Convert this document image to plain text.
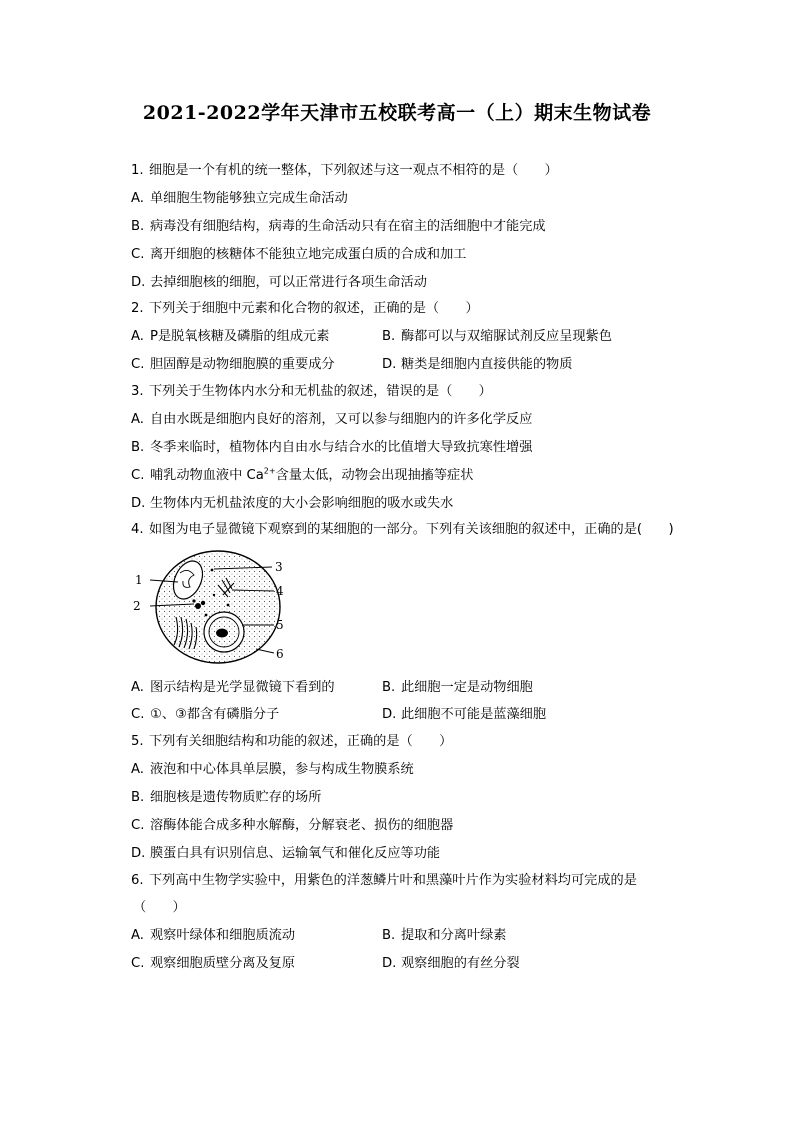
2021-2022学年天津市五校联考高一（上）期末生物试卷
1. 细胞是一个有机的统一整体，下列叙述与这一观点不相符的是（　　）
A. 单细胞生物能够独立完成生命活动
B. 病毒没有细胞结构，病毒的生命活动只有在宿主的活细胞中才能完成
C. 离开细胞的核糖体不能独立地完成蛋白质的合成和加工
D. 去掉细胞核的细胞，可以正常进行各项生命活动
2. 下列关于细胞中元素和化合物的叙述，正确的是（　　）
A. P是脱氧核糖及磷脂的组成元素	B. 酶都可以与双缩脲试剂反应呈现紫色
C. 胆固醇是动物细胞膜的重要成分	D. 糖类是细胞内直接供能的物质
3. 下列关于生物体内水分和无机盐的叙述，错误的是（　　）
A. 自由水既是细胞内良好的溶剂，又可以参与细胞内的许多化学反应
B. 冬季来临时，植物体内自由水与结合水的比值增大导致抗寒性增强
C. 哺乳动物血液中 $Ca^{2+}$含量太低，动物会出现抽搐等症状
D. 生物体内无机盐浓度的大小会影响细胞的吸水或失水
4. 如图为电子显微镜下观察到的某细胞的一部分。下列有关该细胞的叙述中，正确的是(　　)
1
2
3
4
5
6
A. 图示结构是光学显微镜下看到的	B. 此细胞一定是动物细胞
C. ①、③都含有磷脂分子	D. 此细胞不可能是蓝藻细胞
5. 下列有关细胞结构和功能的叙述，正确的是（　　）
A. 液泡和中心体具单层膜，参与构成生物膜系统
B. 细胞核是遗传物质贮存的场所
C. 溶酶体能合成多种水解酶，分解衰老、损伤的细胞器
D. 膜蛋白具有识别信息、运输氧气和催化反应等功能
6. 下列高中生物学实验中，用紫色的洋葱鳞片叶和黑藻叶片作为实验材料均可完成的是
（　　）
A. 观察叶绿体和细胞质流动	B. 提取和分离叶绿素
C. 观察细胞质壁分离及复原	D. 观察细胞的有丝分裂
